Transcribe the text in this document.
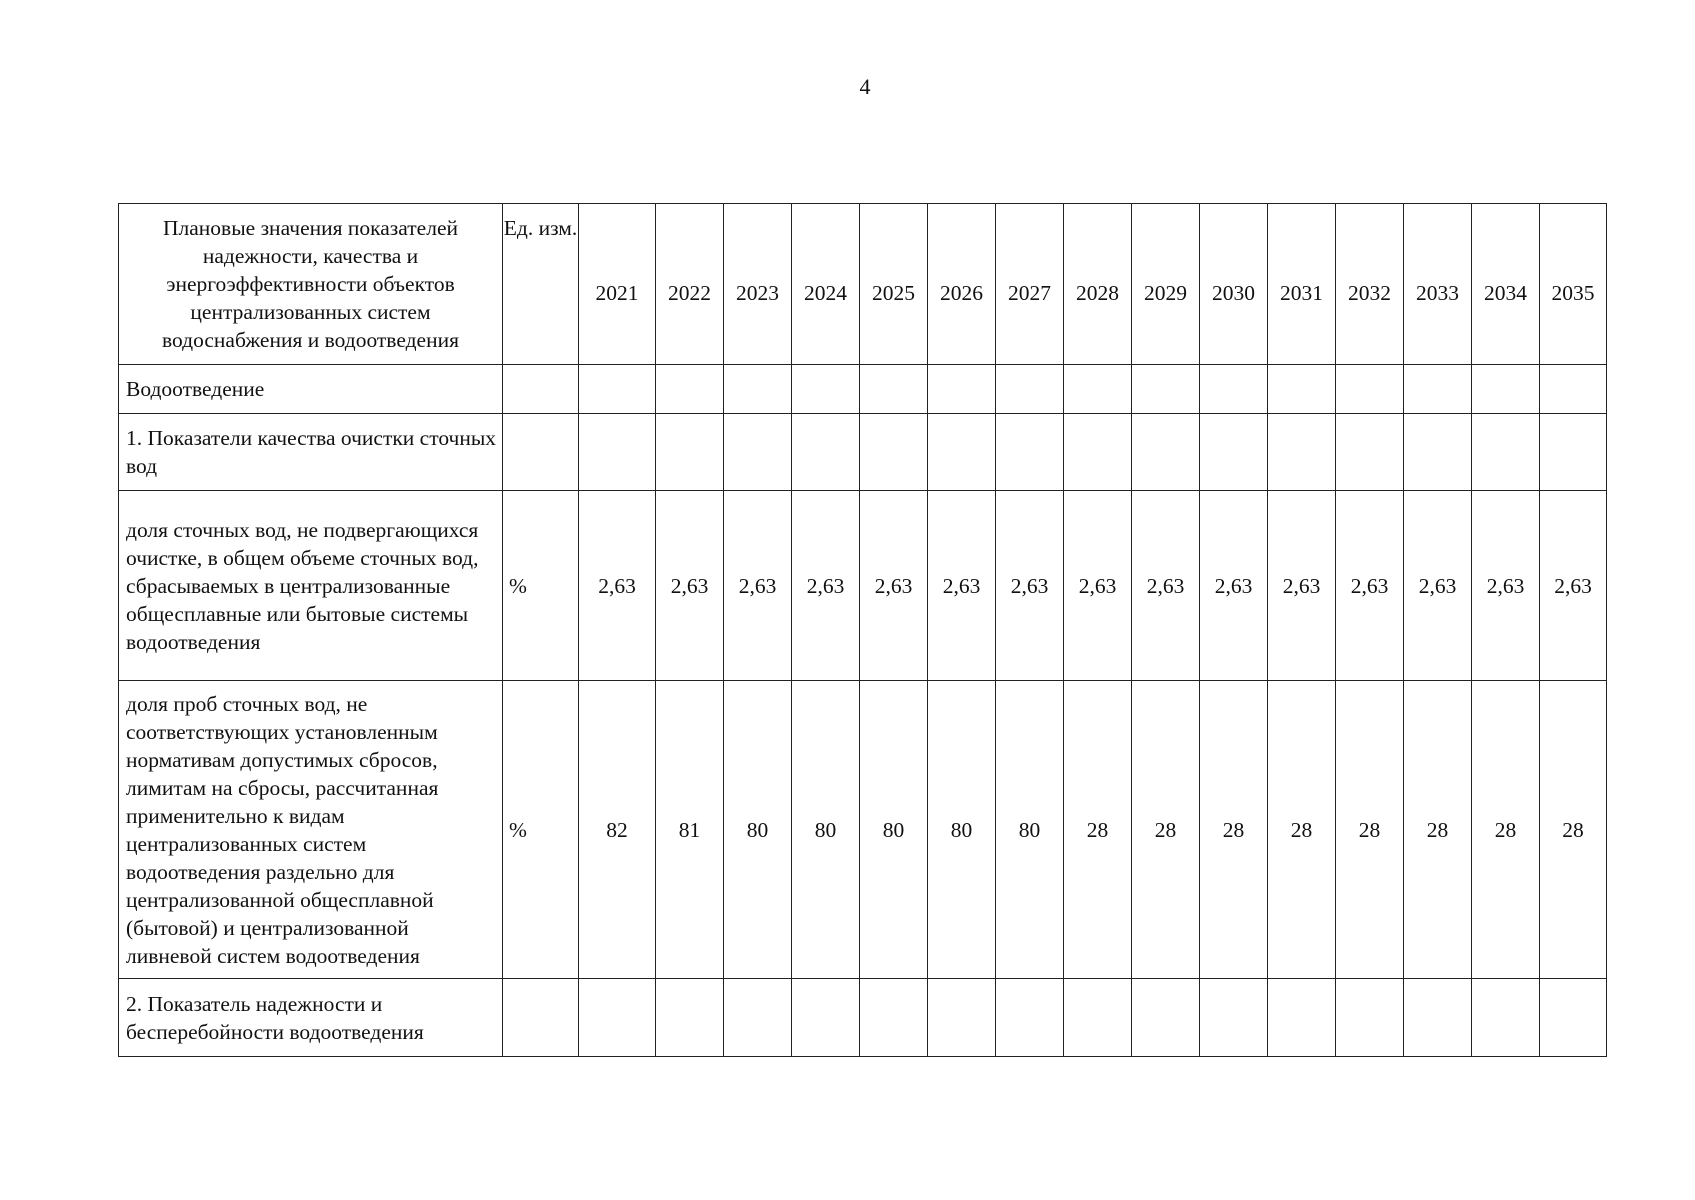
4
Плановые значения показателей надежности, качества и энергоэффективности объектов централизованных систем водоснабжения и водоотведения	Ед. изм.	2021	2022	2023	2024	2025	2026	2027	2028	2029	2030	2031	2032	2033	2034	2035
Водоотведение																
1. Показатели качества очистки сточных вод																
доля сточных вод, не подвергающихся очистке, в общем объеме сточных вод, сбрасываемых в централизованные общесплавные или бытовые системы водоотведения	%	2,63	2,63	2,63	2,63	2,63	2,63	2,63	2,63	2,63	2,63	2,63	2,63	2,63	2,63	2,63
доля проб сточных вод, не соответствующих установленным нормативам допустимых сбросов, лимитам на сбросы, рассчитанная применительно к видам централизованных систем водоотведения раздельно для централизованной общесплавной (бытовой) и централизованной ливневой систем водоотведения	%	82	81	80	80	80	80	80	28	28	28	28	28	28	28	28
2. Показатель надежности и бесперебойности водоотведения																
